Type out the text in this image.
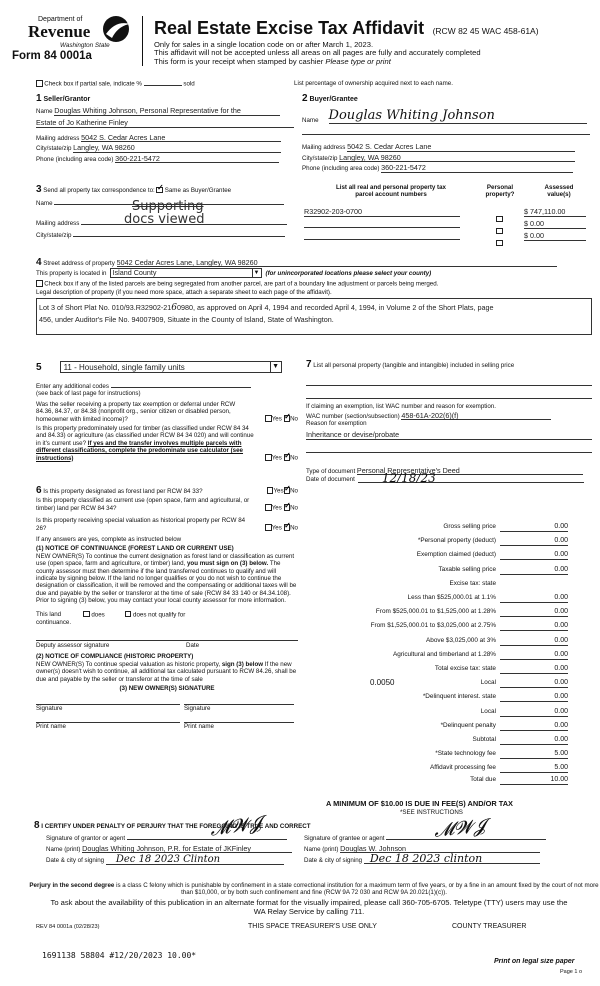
Department of
Revenue
Washington State
Form 84 0001a
Real Estate Excise Tax Affidavit (RCW 82 45 WAC 458-61A)
Only for sales in a single location code on or after March 1, 2023.
This affidavit will not be accepted unless all areas on all pages are fully and accurately completed
This form is your receipt when stamped by cashier Please type or print
Check box if partial sale, indicate %	sold	List percentage of ownership acquired next to each name.
1 Seller/Grantor
Name Douglas Whiting Johnson, Personal Representative for the
Estate of Jo Katherine Finley
Mailing address 5042 S. Cedar Acres Lane
City/state/zip Langley, WA 98260
Phone (including area code) 360-221-5472
2 Buyer/Grantee
Name Douglas Whiting Johnson
Mailing address 5042 S. Cedar Acres Lane
City/state/zip Langley, WA 98260
Phone (including area code) 360-221-5472
3 Send all property tax correspondence to: ✓ Same as Buyer/Grantee
Name
Mailing address
City/state/zip
Supporting
docs viewed
List all real and personal property tax
parcel account numbers
Personal
property?
Assessed
value(s)
R32902-203-0700	$ 747,110.00
$ 0.00
$ 0.00
4 Street address of property 5042 Cedar Acres Lane, Langley, WA 98260
This property is located in Island County	▼ (for unincorporated locations please select your county)
Check box if any of the listed parcels are being segregated from another parcel, are part of a boundary line adjustment or parcels being merged.
Legal description of property (if you need more space, attach a separate sheet to each page of the affidavit).
Lot 3 of Short Plat No. 010/93.R32902-2160980, as approved on April 4, 1994 and recorded April 4, 1994, in Volume 2 of the Short Plats, page
456, under Auditor's File No. 94007909, Situate in the County of Island, State of Washington.
5	11 - Household, single family units	▼
Enter any additional codes
(see back of last page for instructions)
Was the seller receiving a property tax exemption or deferral under RCW 84.36, 84.37, or 84.38 (nonprofit org., senior citizen or disabled person, homeowner with limited income)?	Yes ✓ No
Is this property predominately used for timber (as classified under RCW 84 34 and 84.33) or agriculture (as classified under RCW 84 34 020) and will continue in it's current use? If yes and the transfer involves multiple parcels with different classifications, complete the predominate use calculator (see instructions)	Yes ✓ No
6 Is this property designated as forest land per RCW 84 33?	Yes ✓ No
Is this property classified as current use (open space, farm and agricultural, or timber) land per RCW 84 34?	Yes ✓ No
Is this property receiving special valuation as historical property per RCW 84 26?	Yes ✓ No
If any answers are yes, complete as instructed below
(1) NOTICE OF CONTINUANCE (FOREST LAND OR CURRENT USE)
NEW OWNER(S) To continue the current designation as forest land or classification as current use (open space, farm and agriculture, or timber) land, you must sign on (3) below. The county assessor must then determine if the land transferred continues to qualify and will indicate by signing below. If the land no longer qualifies or you do not wish to continue the designation or classification, it will be removed and the compensating or additional taxes will be due and payable by the seller or transferor at the time of sale (RCW 84 33 140 or 84.34.108). Prior to signing (3) below, you may contact your local county assessor for more information.
This land	does	does not qualify for
continuance.
Deputy assessor signature	Date
(2) NOTICE OF COMPLIANCE (HISTORIC PROPERTY)
NEW OWNER(S) To continue special valuation as historic property, sign (3) below If the new owner(s) doesn't wish to continue, all additional tax calculated pursuant to RCW 84.26, shall be due and payable by the seller or transferor at the time of sale
(3) NEW OWNER(S) SIGNATURE
Signature	Signature
Print name	Print name
7 List all personal property (tangible and intangible) included in selling price
If claiming an exemption, list WAC number and reason for exemption.
WAC number (section/subsection) 458-61A-202(6)(f)
Reason for exemption
Inheritance or devise/probate
Type of document Personal Representative's Deed
Date of document	12/18/23
Gross selling price	0.00
*Personal property (deduct)	0.00
Exemption claimed (deduct)	0.00
Taxable selling price	0.00
Excise tax: state
Less than $525,000.01 at 1.1%	0.00
From $525,000.01 to $1,525,000 at 1.28%	0.00
From $1,525,000.01 to $3,025,000 at 2.75%	0.00
Above $3,025,000 at 3%	0.00
Agricultural and timberland at 1.28%	0.00
Total excise tax: state	0.00
Local
0.0050	0.00
*Delinquent interest. state	0.00
Local	0.00
*Delinquent penalty	0.00
Subtotal	0.00
*State technology fee	5.00
Affidavit processing fee	5.00
Total due	10.00
A MINIMUM OF $10.00 IS DUE IN FEE(S) AND/OR TAX
*SEE INSTRUCTIONS
8 I CERTIFY UNDER PENALTY OF PERJURY THAT THE FOREGOING IS TRUE AND CORRECT
𝓜𝓦𝓙	𝓜𝓦𝓙
Signature of grantor or agent	Signature of grantee or agent
Name (print) Douglas Whiting Johnson, P.R. for Estate of JKFinley	Name (print) Douglas W. Johnson
Date & city of signing Dec 18 2023 Clinton	Date & city of signing Dec 18 2023 clinton
Perjury in the second degree is a class C felony which is punishable by confinement in a state correctional institution for a maximum term of five years, or by a fine in an amount fixed by the court of not more than $10,000, or by both such confinement and fine (RCW 9A 72 030 and RCW 9A 20.021(1)(c)).
To ask about the availability of this publication in an alternate format for the visually impaired, please call 360-705-6705. Teletype (TTY) users may use the WA Relay Service by calling 711.
REV 84 0001a (02/28/23)	THIS SPACE TREASURER'S USE ONLY	COUNTY TREASURER
1691138 58804 #12/20/2023 10.00*
Print on legal size paper
Page 1 o
